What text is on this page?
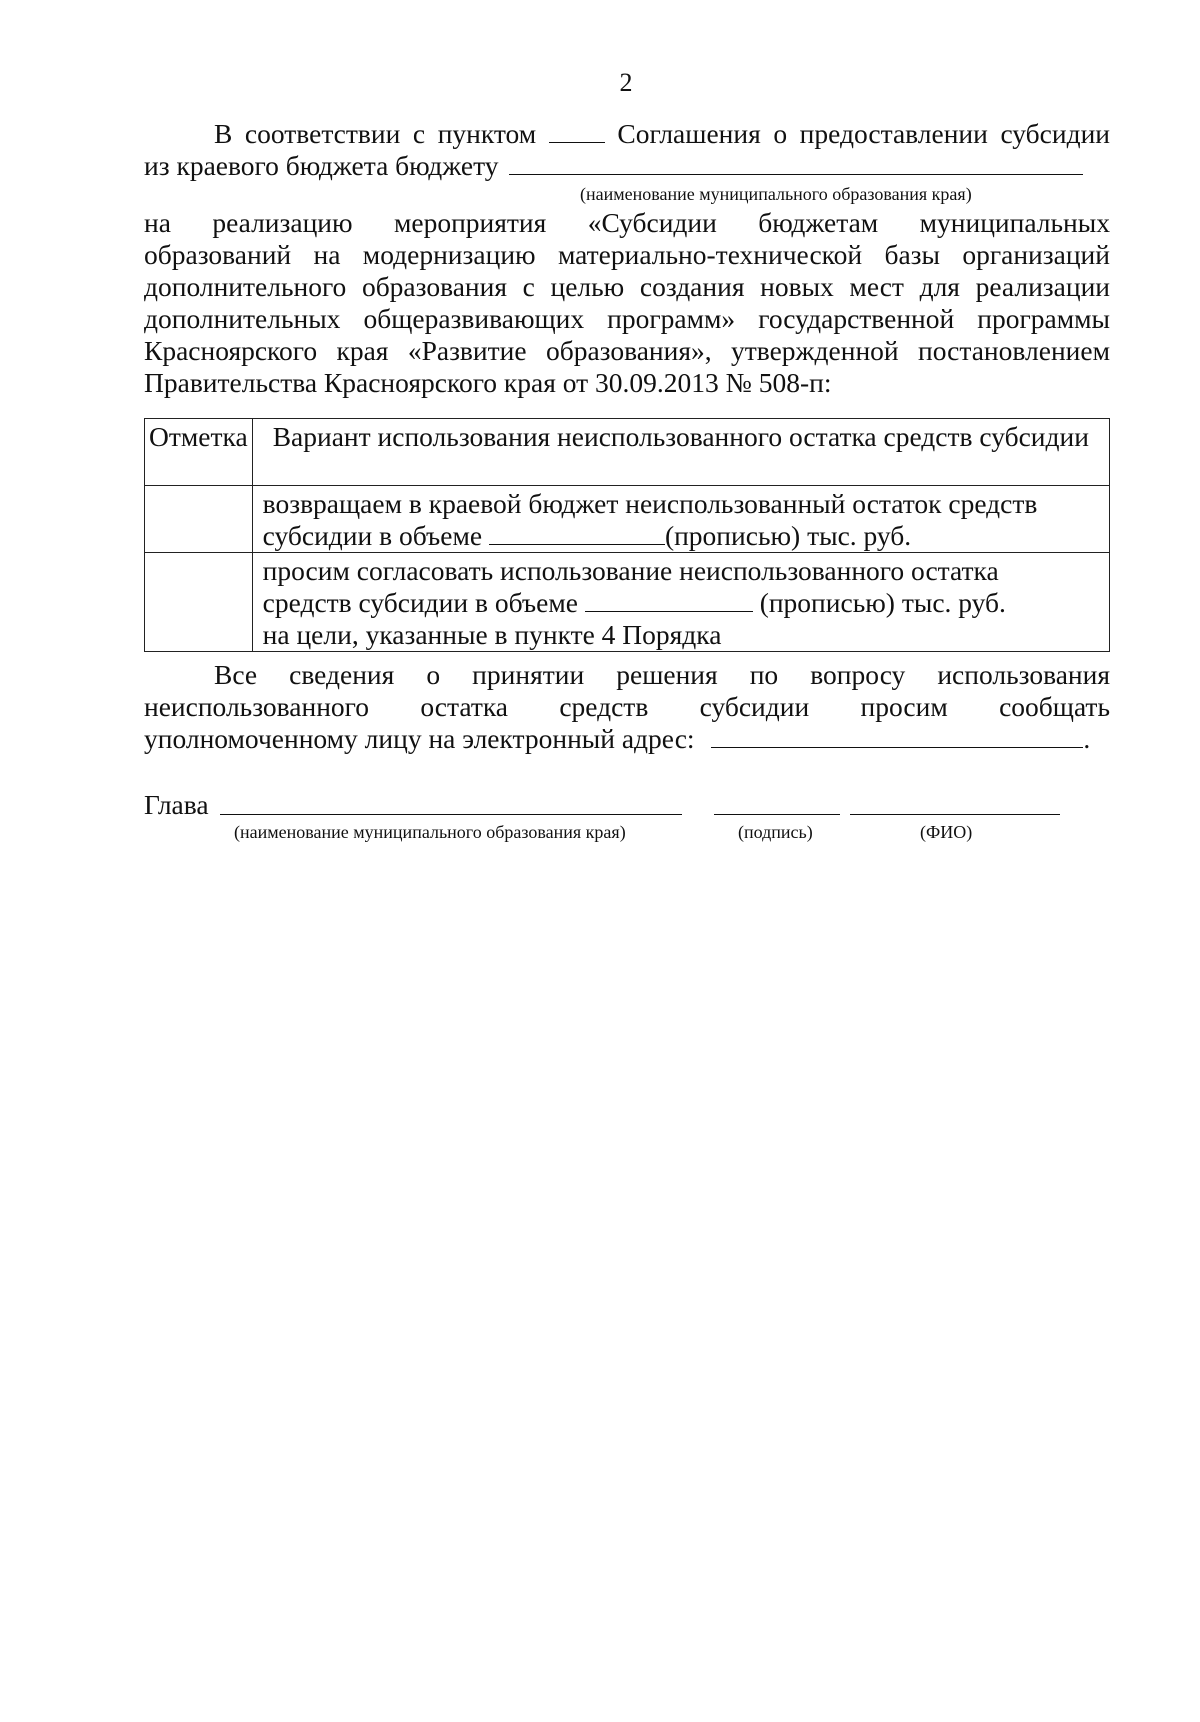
2
В соответствии с пунктом	Соглашения о предоставлении субсидии
из краевого бюджета бюджету
(наименование муниципального образования края)
на реализацию мероприятия «Субсидии бюджетам муниципальных
образований на модернизацию материально-технической базы организаций
дополнительного образования с целью создания новых мест для реализации
дополнительных общеразвивающих программ» государственной программы
Красноярского края «Развитие образования», утвержденной постановлением
Правительства Красноярского края от 30.09.2013 № 508-п:
Отметка	Вариант использования неиспользованного остатка средств субсидии

	возвращаем в краевой бюджет неиспользованный остаток средств
субсидии в объеме (прописью) тыс. руб.

	просим согласовать использование неиспользованного остатка
средств субсидии в объеме (прописью) тыс. руб.
на цели, указанные в пункте 4 Порядка
Все сведения о принятии решения по вопросу использования
неиспользованного остатка средств субсидии просим сообщать
уполномоченному лицу на электронный адрес:	.
Глава
(наименование муниципального образования края)	(подпись)	(ФИО)
